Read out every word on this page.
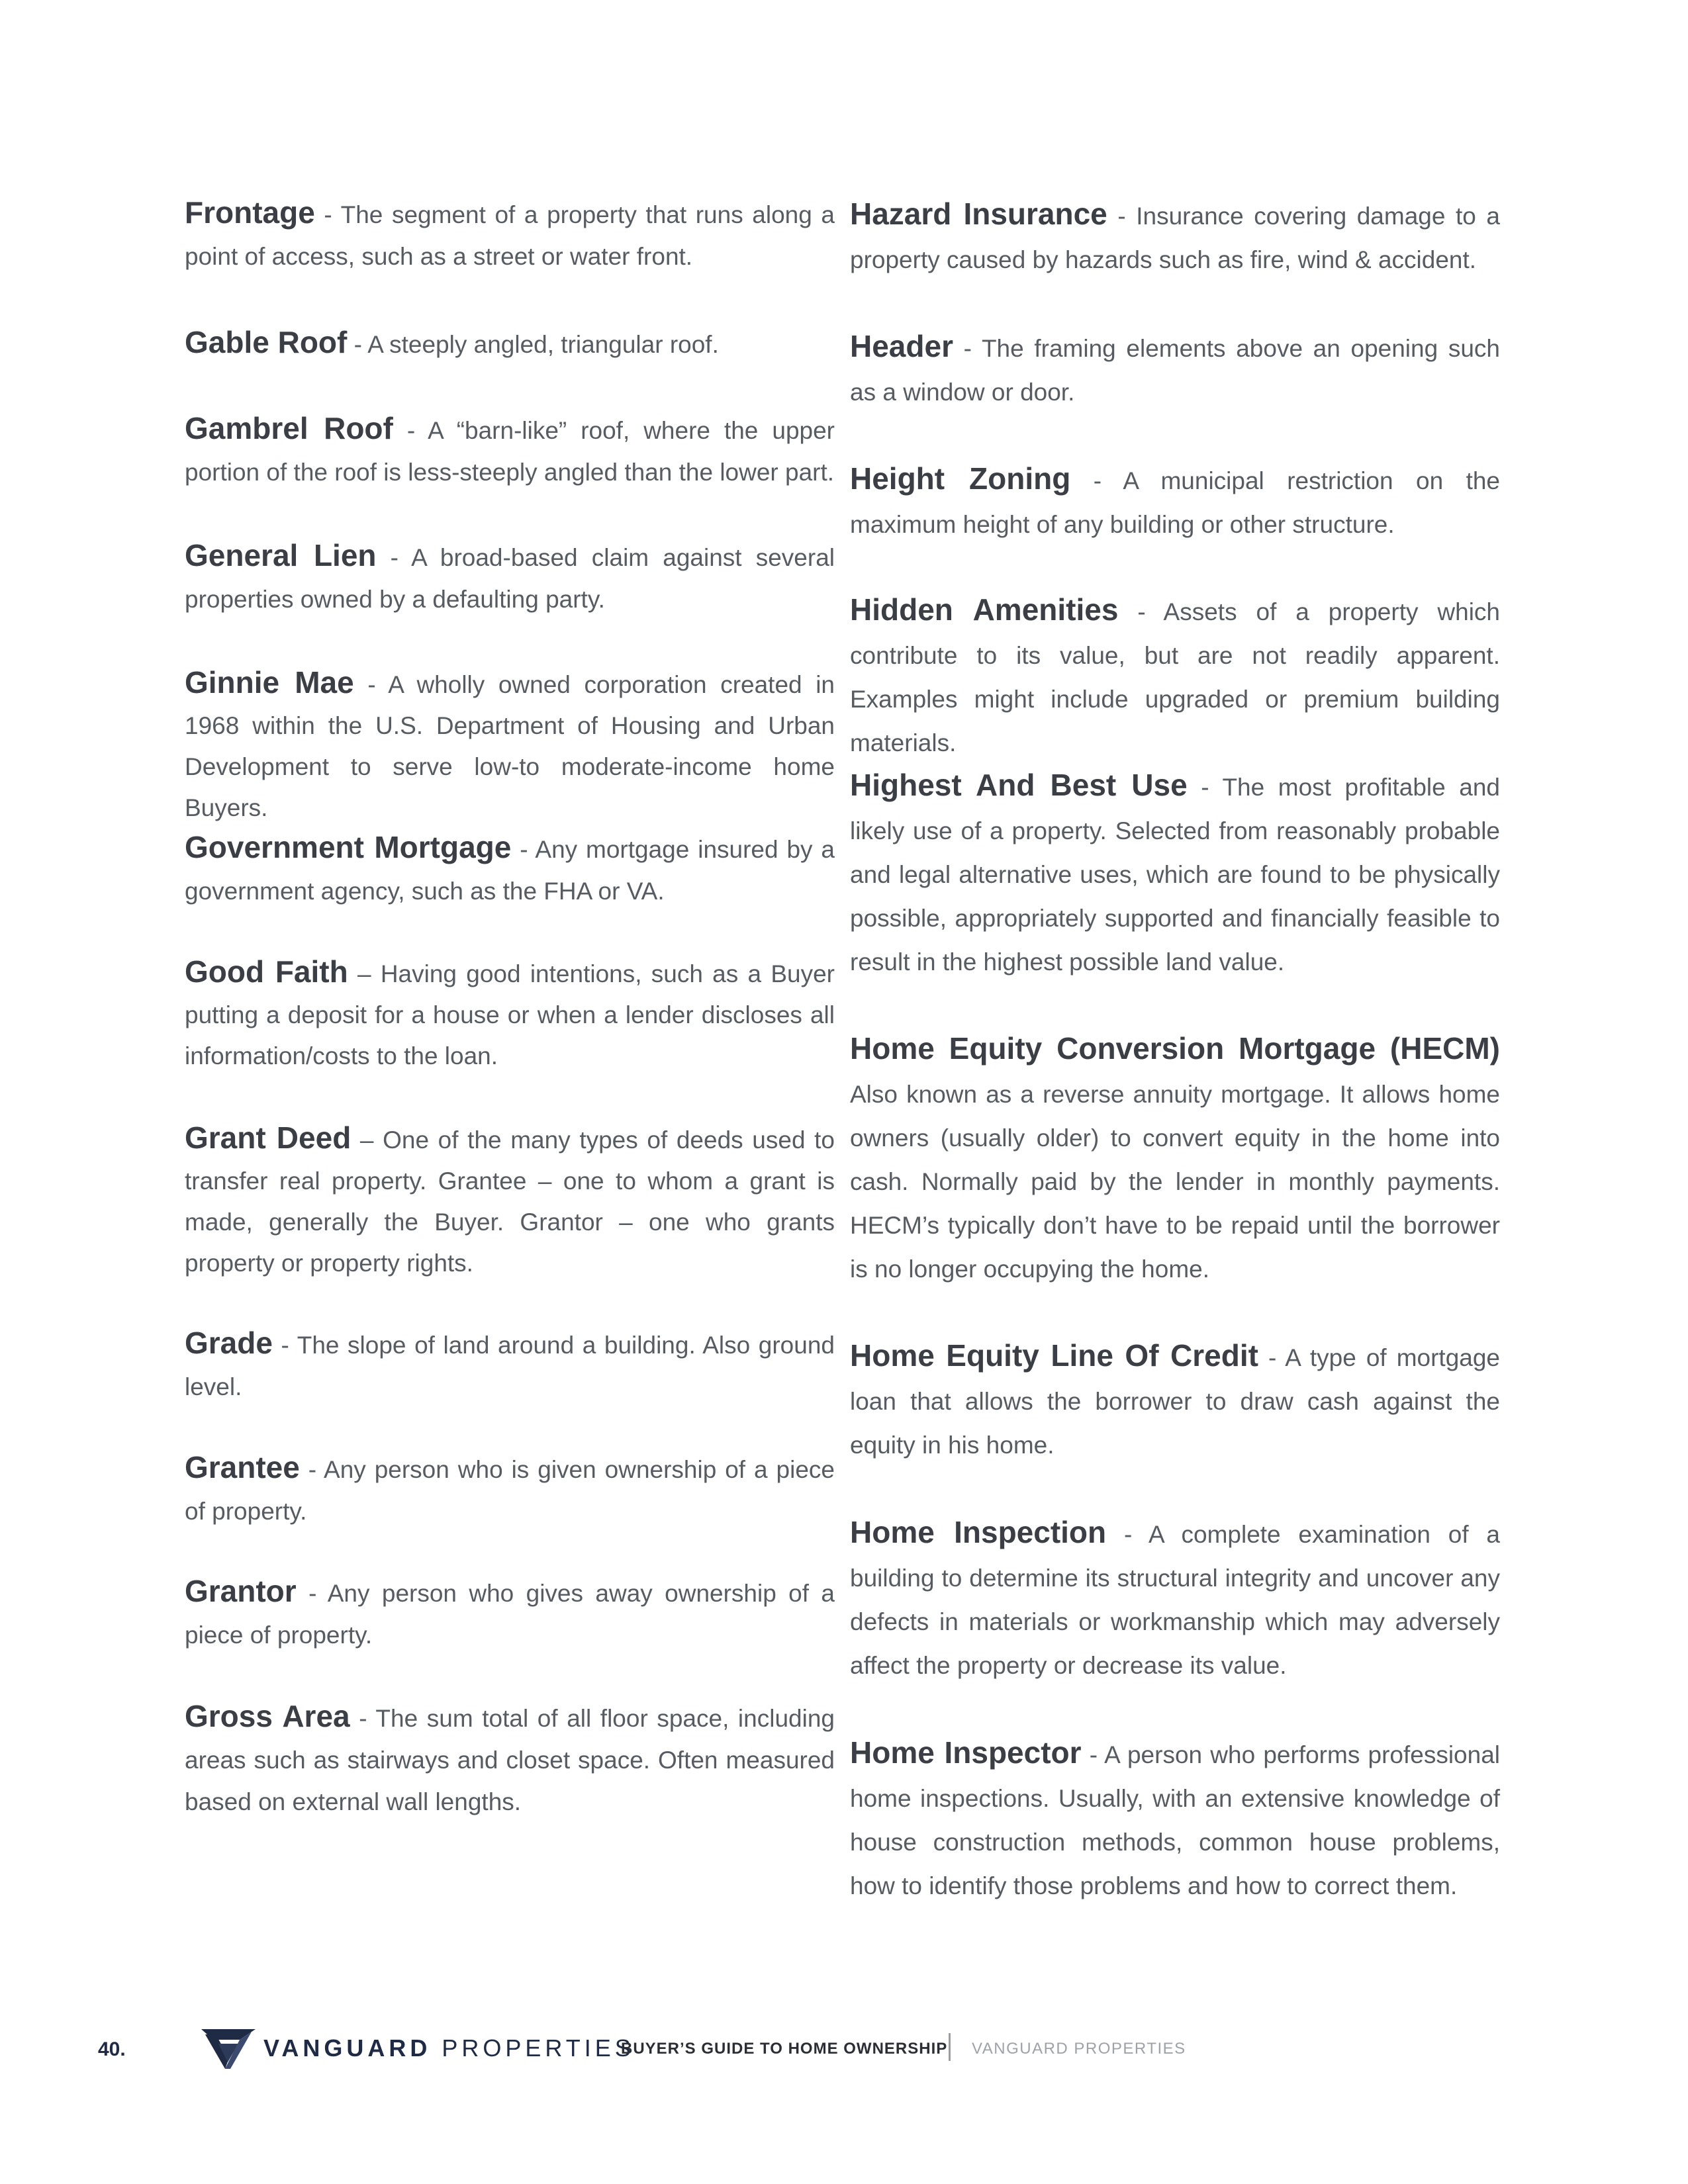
Frontage - The segment of a property that runs along a point of access, such as a street or water front.

Gable Roof - A steeply angled, triangular roof.

Gambrel Roof - A “barn-like” roof, where the upper portion of the roof is less-steeply angled than the lower part.

General Lien - A broad-based claim against several properties owned by a defaulting party.

Ginnie Mae - A wholly owned corporation created in 1968 within the U.S. Department of Housing and Urban Development to serve low-to moderate-income home Buyers.

Government Mortgage - Any mortgage insured by a government agency, such as the FHA or VA.

Good Faith – Having good intentions, such as a Buyer putting a deposit for a house or when a lender discloses all information/costs to the loan.

Grant Deed – One of the many types of deeds used to transfer real property. Grantee – one to whom a grant is made, generally the Buyer. Grantor – one who grants property or property rights.

Grade - The slope of land around a building. Also ground level.

Grantee - Any person who is given ownership of a piece of property.

Grantor - Any person who gives away ownership of a piece of property.

Gross Area - The sum total of all floor space, including areas such as stairways and closet space. Often measured based on external wall lengths.

Hazard Insurance - Insurance covering damage to a property caused by hazards such as fire, wind & accident.

Header - The framing elements above an opening such as a window or door.

Height Zoning - A municipal restriction on the maximum height of any building or other structure.

Hidden Amenities - Assets of a property which contribute to its value, but are not readily apparent. Examples might include upgraded or premium building materials.

Highest And Best Use - The most profitable and likely use of a property. Selected from reasonably probable and legal alternative uses, which are found to be physically possible, appropriately supported and financially feasible to result in the highest possible land value.

Home Equity Conversion Mortgage (HECM) Also known as a reverse annuity mortgage. It allows home owners (usually older) to convert equity in the home into cash. Normally paid by the lender in monthly payments. HECM’s typically don’t have to be repaid until the borrower is no longer occupying the home.

Home Equity Line Of Credit - A type of mortgage loan that allows the borrower to draw cash against the equity in his home.

Home Inspection - A complete examination of a building to determine its structural integrity and uncover any defects in materials or workmanship which may adversely affect the property or decrease its value.

Home Inspector - A person who performs professional home inspections. Usually, with an extensive knowledge of house construction methods, common house problems, how to identify those problems and how to correct them.

40.	VANGUARD PROPERTIES
BUYER’S GUIDE TO HOME OWNERSHIP VANGUARD PROPERTIES
